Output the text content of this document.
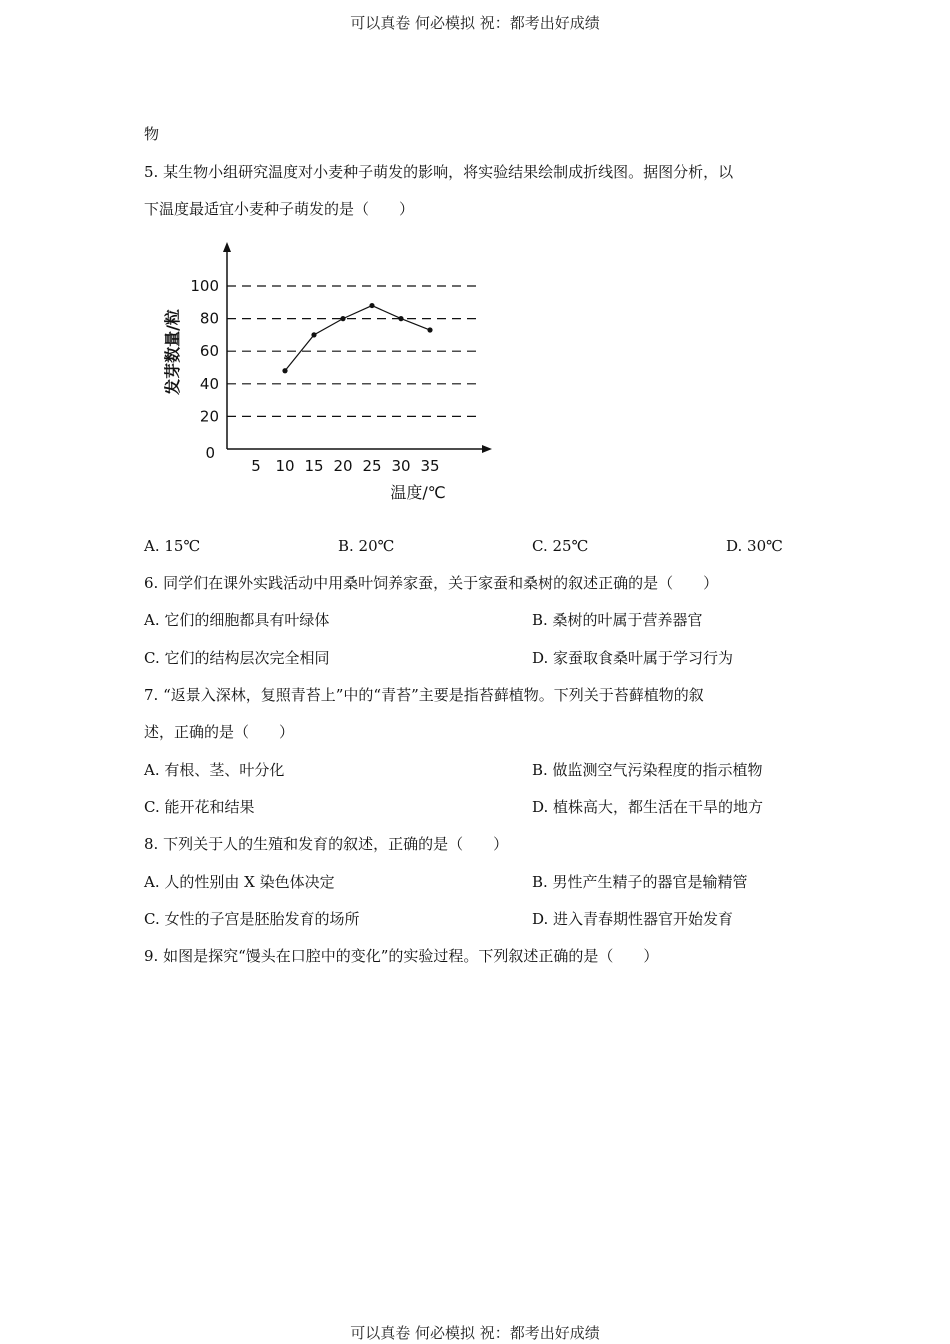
可以真卷 何必模拟 祝：都考出好成绩
物
5. 某生物小组研究温度对小麦种子萌发的影响，将实验结果绘制成折线图。据图分析，以
下温度最适宜小麦种子萌发的是（　　）
20
40
60
80
100
0
5 10 15 20 25 30 35
温度/℃
发芽数量/粒
A. 15℃	B. 20℃	C. 25℃	D. 30℃
6. 同学们在课外实践活动中用桑叶饲养家蚕，关于家蚕和桑树的叙述正确的是（　　）
A. 它们的细胞都具有叶绿体	B. 桑树的叶属于营养器官
C. 它们的结构层次完全相同	D. 家蚕取食桑叶属于学习行为
7. “返景入深林，复照青苔上”中的“青苔”主要是指苔藓植物。下列关于苔藓植物的叙
述，正确的是（　　）
A. 有根、茎、叶分化	B. 做监测空气污染程度的指示植物
C. 能开花和结果	D. 植株高大，都生活在干旱的地方
8. 下列关于人的生殖和发育的叙述，正确的是（　　）
A. 人的性别由 X 染色体决定	B. 男性产生精子的器官是输精管
C. 女性的子宫是胚胎发育的场所	D. 进入青春期性器官开始发育
9. 如图是探究“馒头在口腔中的变化”的实验过程。下列叙述正确的是（　　）
可以真卷 何必模拟 祝：都考出好成绩
